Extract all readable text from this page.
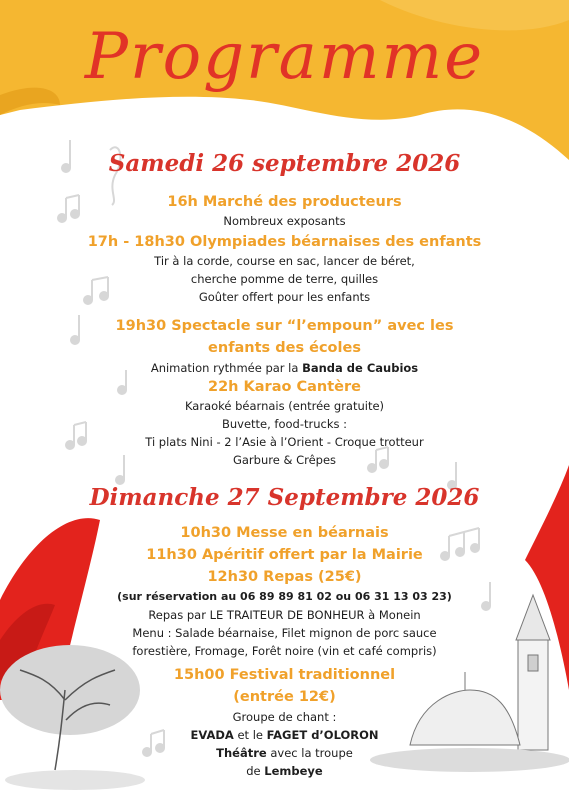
Programme
Samedi 26 septembre 2026
16h Marché des producteurs
Nombreux exposants
17h - 18h30 Olympiades béarnaises des enfants
Tir à la corde, course en sac, lancer de béret,
cherche pomme de terre, quilles
Goûter offert pour les enfants
19h30 Spectacle sur “l’empoun” avec les
enfants des écoles
Animation rythmée par la Banda de Caubios
22h Karao Cantère
Karaoké béarnais (entrée gratuite)
Buvette, food-trucks :
Ti plats Nini - 2 l’Asie à l’Orient - Croque trotteur
Garbure & Crêpes
Dimanche 27 Septembre 2026
10h30 Messe en béarnais
11h30 Apéritif offert par la Mairie
12h30 Repas (25€)
(sur réservation au 06 89 89 81 02 ou 06 31 13 03 23)
Repas par LE TRAITEUR DE BONHEUR à Monein
Menu : Salade béarnaise, Filet mignon de porc sauce
forestière, Fromage, Forêt noire (vin et café compris)
15h00 Festival traditionnel
(entrée 12€)
Groupe de chant :
EVADA et le FAGET d’OLORON
Théâtre avec la troupe
de Lembeye
